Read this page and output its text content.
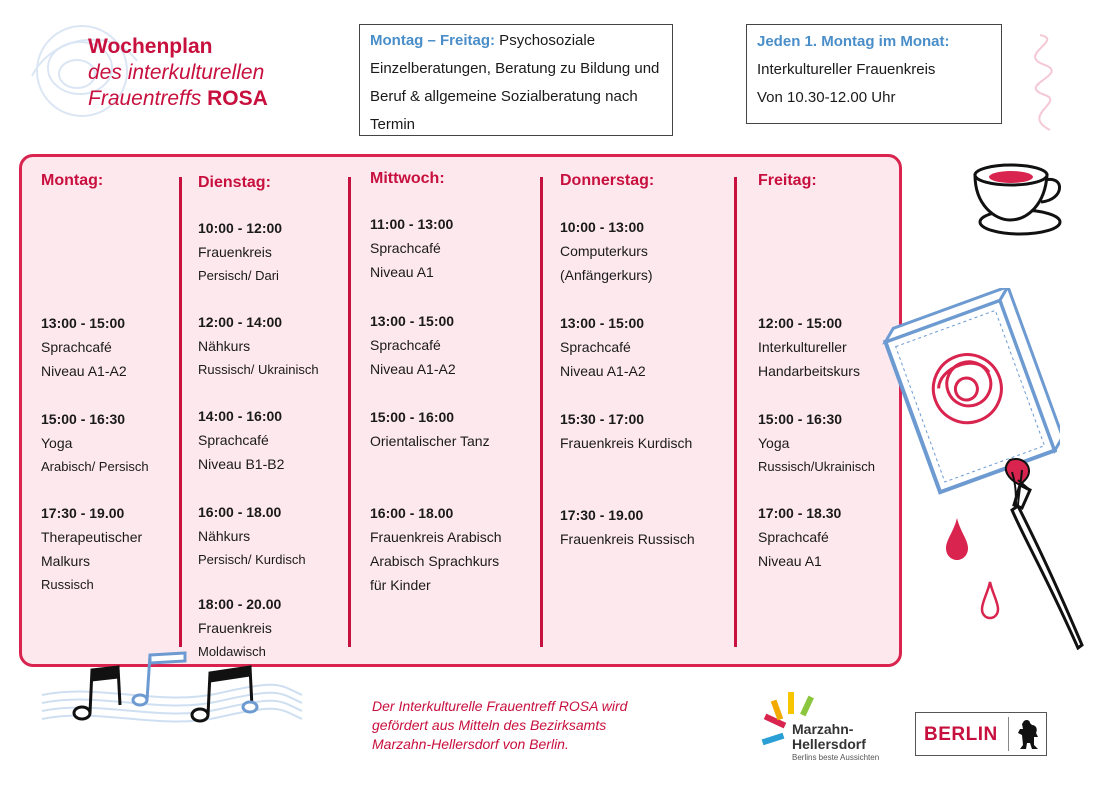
Wochenplan
des interkulturellen
Frauentreffs ROSA
Montag – Freitag: Psychosoziale Einzelberatungen, Beratung zu Bildung und Beruf & allgemeine Sozialberatung nach Termin
Jeden 1. Montag im Monat:
Interkultureller Frauenkreis
Von 10.30-12.00 Uhr
Montag:
13:00 - 15:00
Sprachcafé
Niveau A1-A2
15:00 - 16:30
Yoga
Arabisch/ Persisch
17:30 - 19.00
Therapeutischer
Malkurs
Russisch
Dienstag:
10:00 - 12:00
Frauenkreis
Persisch/ Dari
12:00 - 14:00
Nähkurs
Russisch/ Ukrainisch
14:00 - 16:00
Sprachcafé
Niveau B1-B2
16:00 - 18.00
Nähkurs
Persisch/ Kurdisch
18:00 - 20.00
Frauenkreis
Moldawisch
Mittwoch:
11:00 - 13:00
Sprachcafé
Niveau A1
13:00 - 15:00
Sprachcafé
Niveau A1-A2
15:00 - 16:00
Orientalischer Tanz
16:00 - 18.00
Frauenkreis Arabisch
Arabisch Sprachkurs
für Kinder
Donnerstag:
10:00 - 13:00
Computerkurs
(Anfängerkurs)
13:00 - 15:00
Sprachcafé
Niveau A1-A2
15:30 - 17:00
Frauenkreis Kurdisch
17:30 - 19.00
Frauenkreis Russisch
Freitag:
12:00 - 15:00
Interkultureller
Handarbeitskurs
15:00 - 16:30
Yoga
Russisch/Ukrainisch
17:00 - 18.30
Sprachcafé
Niveau A1
Der Interkulturelle Frauentreff ROSA wird
gefördert aus Mitteln des Bezirksamts
Marzahn-Hellersdorf von Berlin.
Marzahn-
Hellersdorf
Berlins beste Aussichten
BERLIN
